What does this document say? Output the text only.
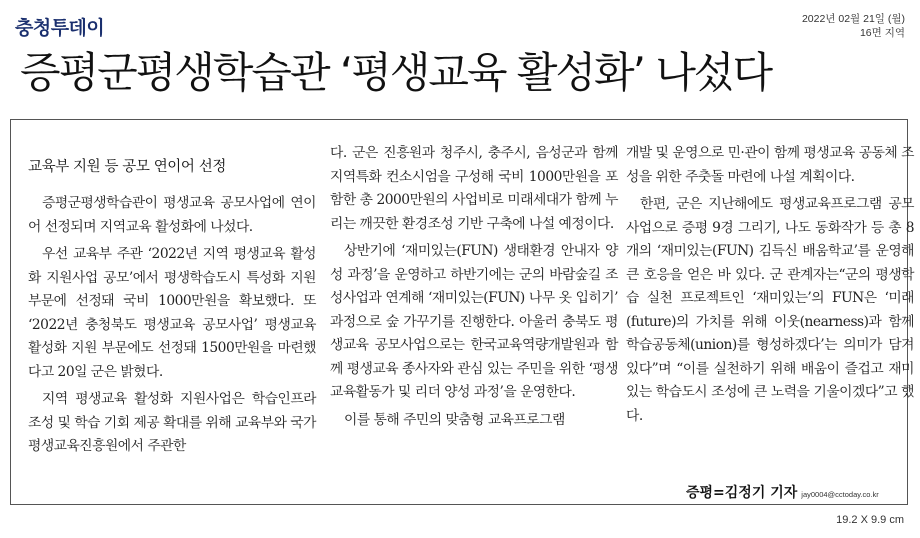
충청투데이	2022년 02월 21일 (월)
16면 지역
증평군평생학습관 ‘평생교육 활성화’ 나섰다
교육부 지원 등 공모 연이어 선정

증평군평생학습관이 평생교육 공모사업에 연이어 선정되며 지역교육 활성화에 나섰다.

우선 교육부 주관 ‘2022년 지역 평생교육 활성화 지원사업 공모’에서 평생학습도시 특성화 지원 부문에 선정돼 국비 1000만원을 확보했다. 또 ‘2022년 충청북도 평생교육 공모사업’ 평생교육 활성화 지원 부문에도 선정돼 1500만원을 마련했다고 20일 군은 밝혔다.

지역 평생교육 활성화 지원사업은 학습인프라 조성 및 학습 기회 제공 확대를 위해 교육부와 국가평생교육진흥원에서 주관한

다. 군은 진흥원과 청주시, 충주시, 음성군과 함께 지역특화 컨소시엄을 구성해 국비 1000만원을 포함한 총 2000만원의 사업비로 미래세대가 함께 누리는 깨끗한 환경조성 기반 구축에 나설 예정이다.

상반기에 ‘재미있는(FUN) 생태환경 안내자 양성 과정’을 운영하고 하반기에는 군의 바람숲길 조성사업과 연계해 ‘재미있는(FUN) 나무 옷 입히기’ 과정으로 숲 가꾸기를 진행한다. 아울러 충북도 평생교육 공모사업으로는 한국교육역량개발원과 함께 평생교육 종사자와 관심 있는 주민을 위한 ‘평생교육활동가 및 리더 양성 과정’을 운영한다.

이를 통해 주민의 맞춤형 교육프로그램

개발 및 운영으로 민·관이 함께 평생교육 공동체 조성을 위한 주춧돌 마련에 나설 계획이다.

한편, 군은 지난해에도 평생교육프로그램 공모사업으로 증평 9경 그리기, 나도 동화작가 등 총 8개의 ‘재미있는(FUN) 김득신 배움학교’를 운영해 큰 호응을 얻은 바 있다. 군 관계자는“군의 평생학습 실천 프로젝트인 ‘재미있는’의 FUN은 ‘미래(future)의 가치를 위해 이웃(nearness)과 함께 학습공동체(union)를 형성하겠다’는 의미가 담겨 있다”며 “이를 실천하기 위해 배움이 즐겁고 재미있는 학습도시 조성에 큰 노력을 기울이겠다”고 했다.

증평=김정기 기자 jay0004@cctoday.co.kr
19.2 X 9.9 cm
